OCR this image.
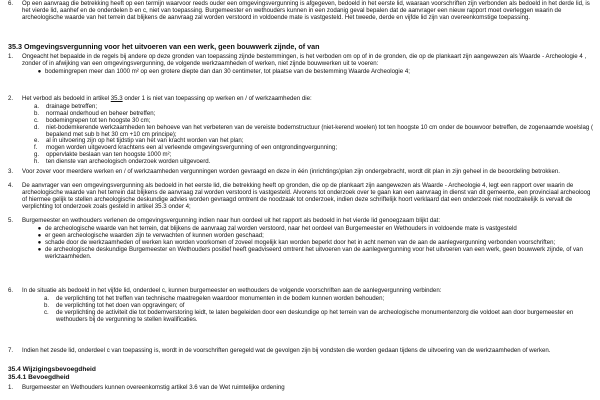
6.	Op een aanvraag die betrekking heeft op een termijn waarvoor reeds ouder een omgevingsvergunning is afgegeven, bedoeld in het eerste lid, waaraan voorschriften zijn verbonden als bedoeld in het derde lid, is het vierde lid, aanhef en de onderdelen b en c, niet van toepassing. Burgemeester en wethouders kunnen in een zodanig geval bepalen dat de aanvrager een nieuw rapport moet overleggen waarin de archeologische waarde van het terrein dat blijkens de aanvraag zal worden verstoord in voldoende mate is vastgesteld. Het tweede, derde en vijfde lid zijn van overeenkomstige toepassing.

35.3 Omgevingsvergunning voor het uitvoeren van een werk, geen bouwwerk zijnde, of van
1.	Ongeacht het bepaalde in de regels bij andere op deze gronden van toepassing zijnde bestemmingen, is het verboden om op of in de gronden, die op de plankaart zijn aangewezen als Waarde - Archeologie 4 , zonder of in afwijking van een omgevingsvergunning, de volgende werkzaamheden of werken, niet zijnde bouwwerken uit te voeren:

● bodemingrepen meer dan 1000 m² op een grotere diepte dan dan 30 centimeter, tot plaatse van de bestemming Waarde Archeologie 4;
2.	Het verbod als bedoeld in artikel 35.3 onder 1 is niet van toepassing op werken en / of werkzaamheden die:

a.	drainage betreffen;
b.	normaal onderhoud en beheer betreffen;
c.	bodemingrepen tot ten hoogste 30 cm;
d.	niet-bodemkerende werkzaamheden ten behoeve van het verbeteren van de vereiste bodemstructuur (niet-kerend woelen) tot ten hoogste 10 cm onder de bouwvoor betreffen, de zogenaamde woelslag ( bepalend met sub b het 30 cm +10 cm principe);
e.	al in uitvoering zijn op het tijdstip van het van kracht worden van het plan;
f.	mogen worden uitgevoerd krachtens een al verleende omgevingsvergunning of een ontgrondingvergunning;
g.	oppervlakte beslaan van ten hoogste 1000 m²;
h.	ten dienste van archeologisch onderzoek worden uitgevoerd.
3.	Voor zover voor meerdere werken en / of werkzaamheden vergunningen worden gevraagd en deze in één (inrichtings)plan zijn ondergebracht, wordt dit plan in zijn geheel in de beoordeling betrokken.

4.	De aanvrager van een omgevingsvergunning als bedoeld in het eerste lid, die betrekking heeft op gronden, die op de plankaart zijn aangewezen als Waarde - Archeologie 4, legt een rapport over waarin de archeologische waarde van het terrein dat blijkens de aanvraag zal worden verstoord is vastgesteld. Alvorens tot onderzoek over te gaan kan een aanvraag in dienst van dit gemeente, een provinciaal archeoloog of hiermee gelijk te stellen archeologische deskundige advies worden gevraagd omtrent de noodzaak tot onderzoek, indien deze schriftelijk hoort verklaard dat een onderzoek niet noodzakelijk is vervalt de verplichting tot onderzoek zoals gesteld in artikel 35.3 onder 4;

5.	Burgemeester en wethouders verlenen de omgevingsvergunning indien naar hun oordeel uit het rapport als bedoeld in het vierde lid genoegzaam blijkt dat:

● de archeologische waarde van het terrein, dat blijkens de aanvraag zal worden verstoord, naar het oordeel van Burgemeester en Wethouders in voldoende mate is vastgesteld
● er geen archeologische waarden zijn te verwachten of kunnen worden geschaad;
● schade door de werkzaamheden of werken kan worden voorkomen of zoveel mogelijk kan worden beperkt door het in acht nemen van de aan de aanlegvergunning verbonden voorschriften;
● de archeologische deskundige Burgemeester en Wethouders positief heeft geadviseerd omtrent het uitvoeren van de aanlegvergunning voor het uitvoeren van een werk, geen bouwwerk zijnde, of van werkzaamheden.
6.	In de situatie als bedoeld in het vijfde lid, onderdeel c, kunnen burgemeester en wethouders de volgende voorschriften aan de aanlegvergunning verbinden:

a.	de verplichting tot het treffen van technische maatregelen waardoor monumenten in de bodem kunnen worden behouden;
b.	de verplichting tot het doen van opgravingen; of
c.	de verplichting de activiteit die tot bodemverstoring leidt, te laten begeleiden door een deskundige op het terrein van de archeologische monumentenzorg die voldoet aan door burgemeester en wethouders bij de vergunning te stellen kwalificaties.
7.	Indien het zesde lid, onderdeel c van toepassing is, wordt in de voorschriften geregeld wat de gevolgen zijn bij vondsten die worden gedaan tijdens de uitvoering van de werkzaamheden of werken.

35.4 Wijzigingsbevoegdheid
35.4.1 Bevoegdheid
1.	Burgemeester en Wethouders kunnen overeenkomstig artikel 3.6 van de Wet ruimtelijke ordening
